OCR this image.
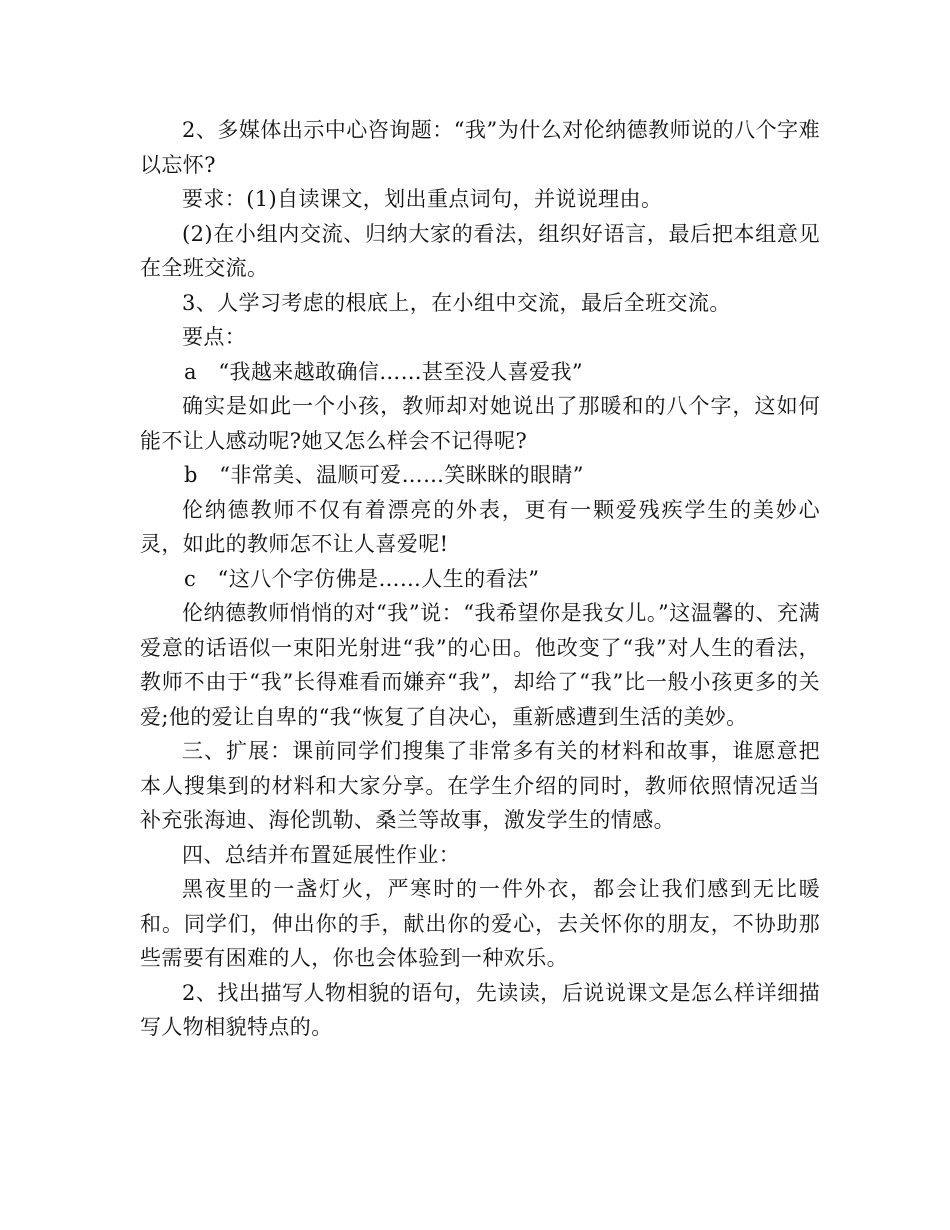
2、多媒体出示中心咨询题：“我”为什么对伦纳德教师说的八个字难以忘怀?

要求：(1)自读课文，划出重点词句，并说说理由。

(2)在小组内交流、归纳大家的看法，组织好语言，最后把本组意见在全班交流。

3、人学习考虑的根底上，在小组中交流，最后全班交流。

要点：

a　“我越来越敢确信……甚至没人喜爱我”

确实是如此一个小孩，教师却对她说出了那暖和的八个字，这如何能不让人感动呢?她又怎么样会不记得呢?

b　“非常美、温顺可爱……笑眯眯的眼睛”

伦纳德教师不仅有着漂亮的外表，更有一颗爱残疾学生的美妙心灵，如此的教师怎不让人喜爱呢!

c　“这八个字仿佛是……人生的看法”

伦纳德教师悄悄的对“我”说：“我希望你是我女儿。”这温馨的、充满爱意的话语似一束阳光射进“我”的心田。他改变了“我”对人生的看法，教师不由于“我”长得难看而嫌弃“我”，却给了“我”比一般小孩更多的关爱;他的爱让自卑的“我“恢复了自决心，重新感遭到生活的美妙。

三、扩展：课前同学们搜集了非常多有关的材料和故事，谁愿意把本人搜集到的材料和大家分享。在学生介绍的同时，教师依照情况适当补充张海迪、海伦凯勒、桑兰等故事，激发学生的情感。

四、总结并布置延展性作业：

黑夜里的一盏灯火，严寒时的一件外衣，都会让我们感到无比暖和。同学们，伸出你的手，献出你的爱心，去关怀你的朋友，不协助那些需要有困难的人，你也会体验到一种欢乐。

2、找出描写人物相貌的语句，先读读，后说说课文是怎么样详细描写人物相貌特点的。
